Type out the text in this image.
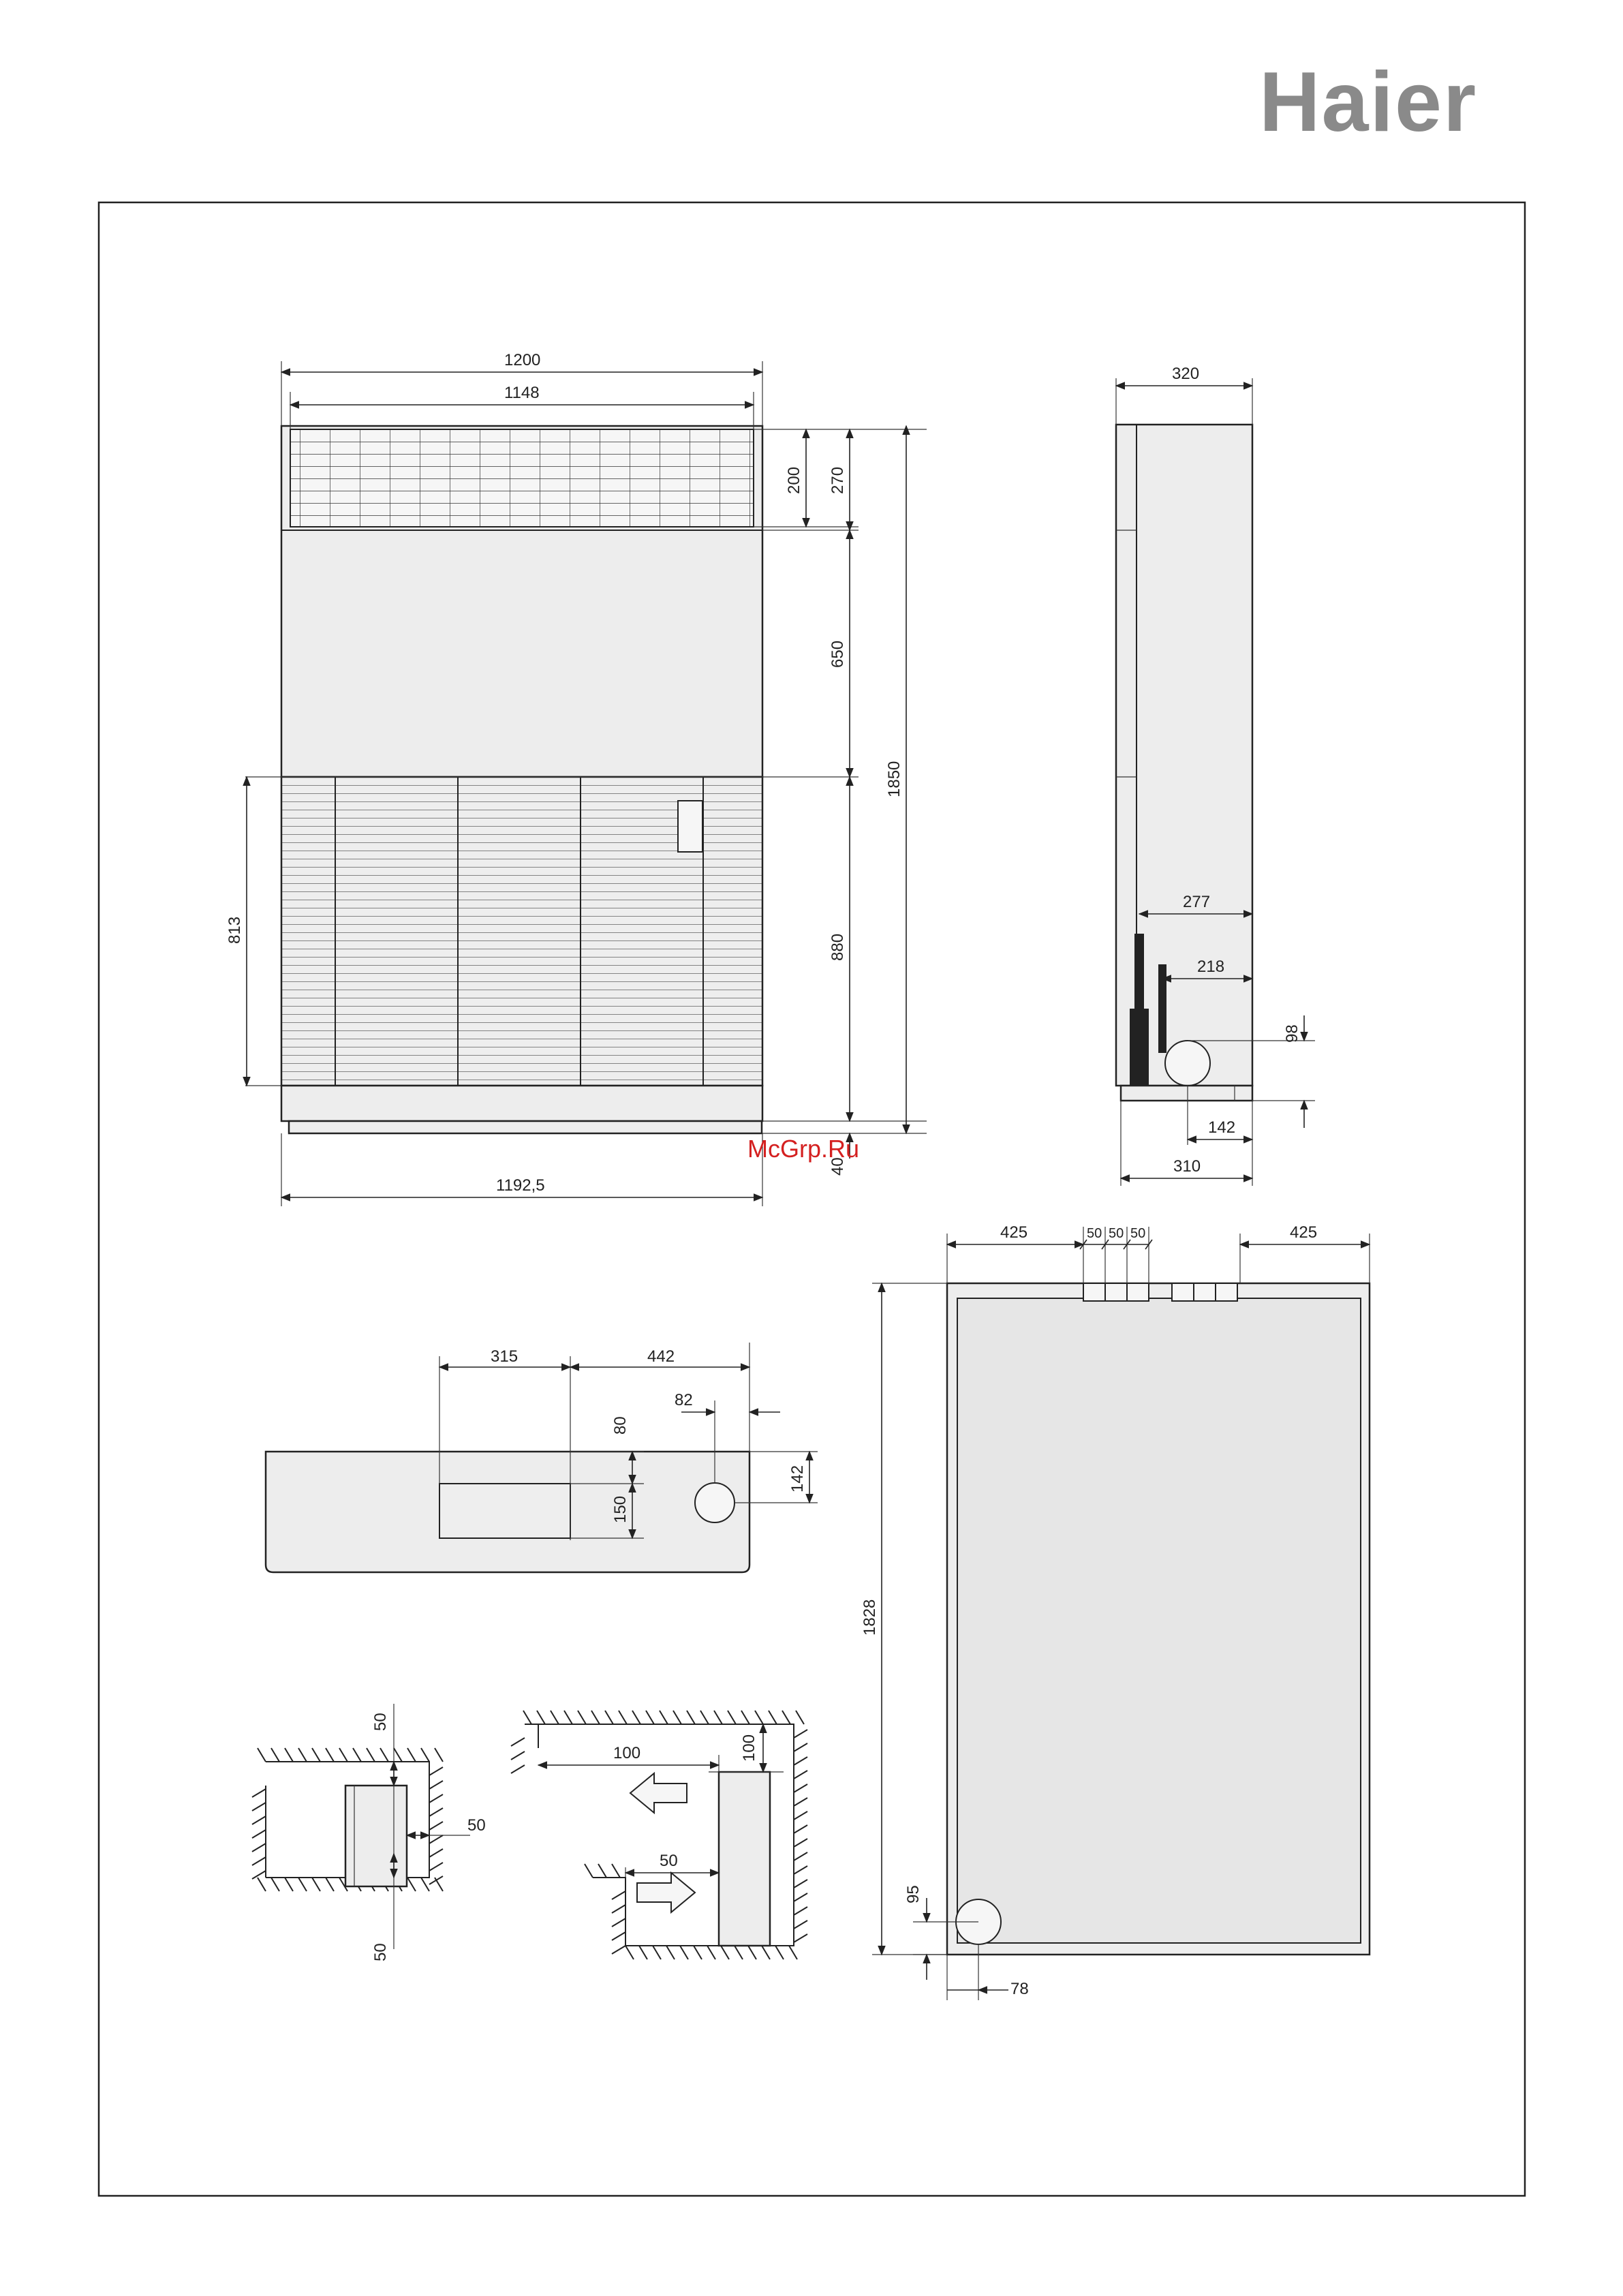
Haier
1200
1148
200 270
650
880
40
1850
813
1192,5
McGrp.Ru
320
277
218
98
142
310
315	442
82
80
150
142
425	50 50 50	425
1828
95
78
50
50
50
100	100
50
